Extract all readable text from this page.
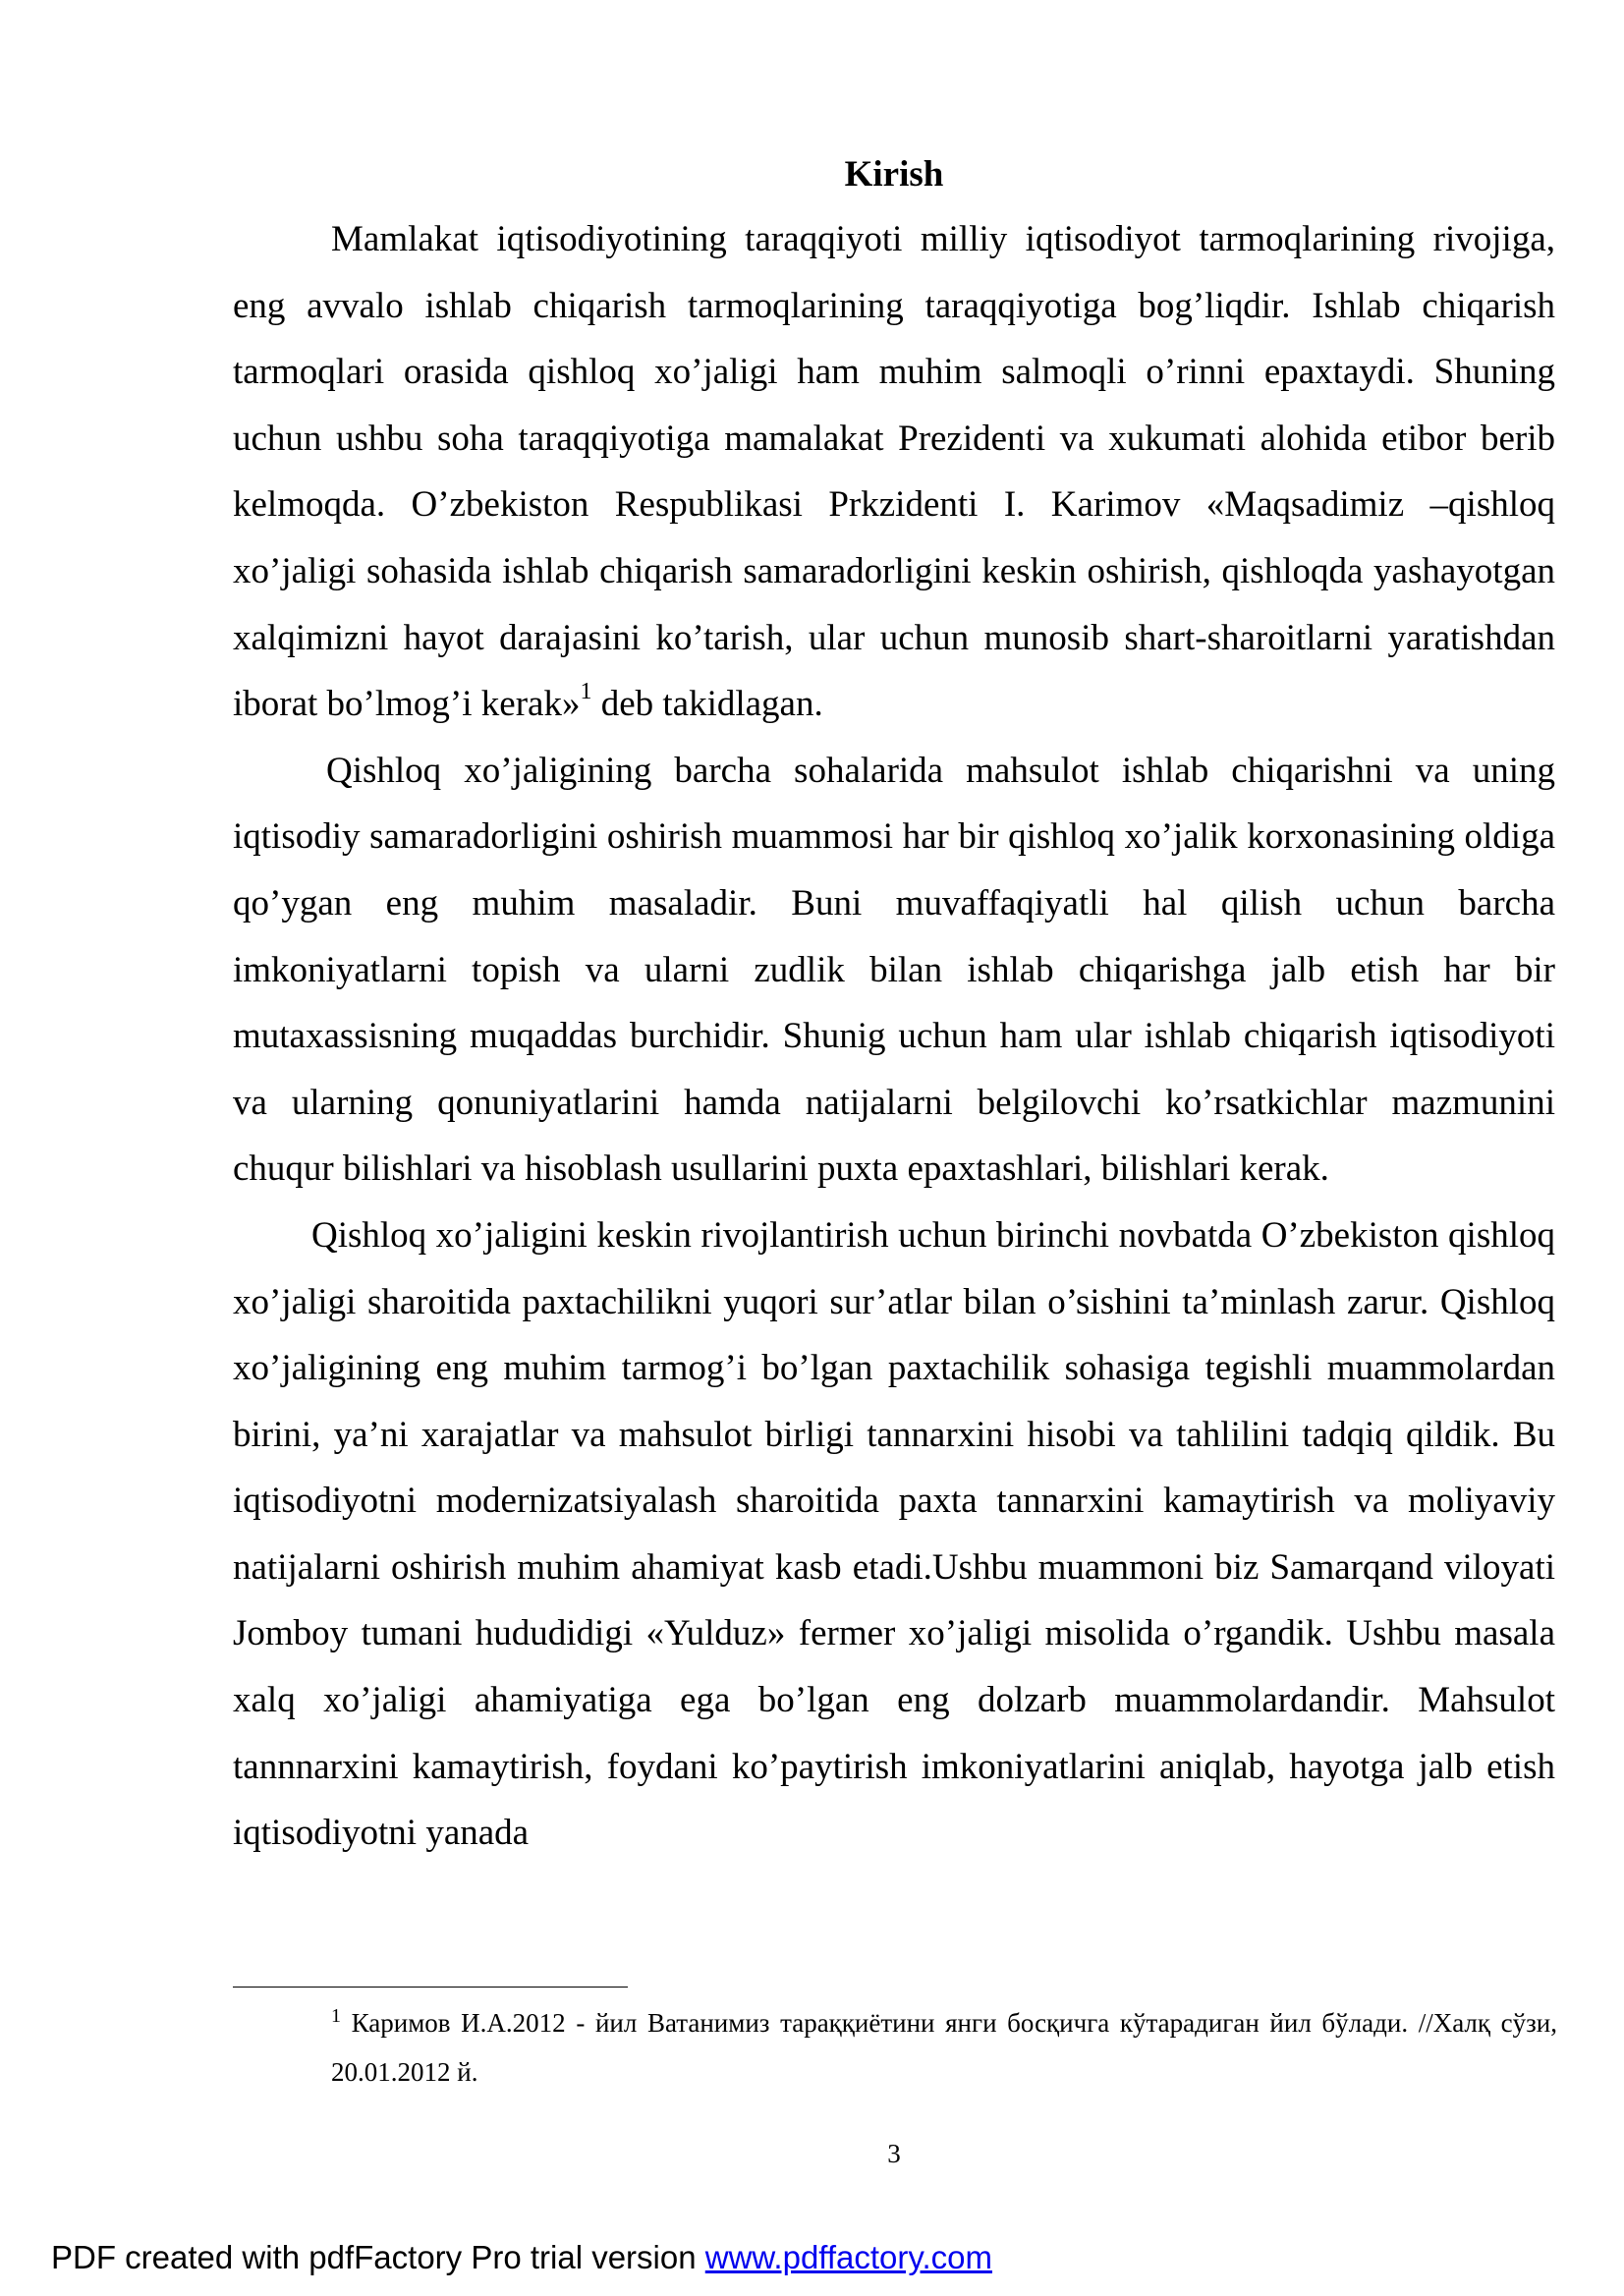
Kirish

Mamlakat iqtisodiyotining taraqqiyoti milliy iqtisodiyot tarmoqlarining rivojiga, eng avvalo ishlab chiqarish tarmoqlarining taraqqiyotiga bog’liqdir. Ishlab chiqarish tarmoqlari orasida qishloq xo’jaligi ham muhim salmoqli o’rinni epaxtaydi. Shuning uchun ushbu soha taraqqiyotiga mamalakat Prezidenti va xukumati alohida etibor berib kelmoqda. O’zbekiston Respublikasi Prkzidenti I. Karimov «Maqsadimiz –qishloq xo’jaligi sohasida ishlab chiqarish samaradorligini keskin oshirish, qishloqda yashayotgan xalqimizni hayot darajasini ko’tarish, ular uchun munosib shart-sharoitlarni yaratishdan iborat bo’lmog’i kerak»$^1$ deb takidlagan.

Qishloq xo’jaligining barcha sohalarida mahsulot ishlab chiqarishni va uning iqtisodiy samaradorligini oshirish muammosi har bir qishloq xo’jalik korxonasining oldiga qo’ygan eng muhim masaladir. Buni muvaffaqiyatli hal qilish uchun barcha imkoniyatlarni topish va ularni zudlik bilan ishlab chiqarishga jalb etish har bir mutaxassisning muqaddas burchidir. Shunig uchun ham ular ishlab chiqarish iqtisodiyoti va ularning qonuniyatlarini hamda natijalarni belgilovchi ko’rsatkichlar mazmunini chuqur bilishlari va hisoblash usullarini puxta epaxtashlari, bilishlari kerak.

Qishloq xo’jaligini keskin rivojlantirish uchun birinchi novbatda O’zbekiston qishloq xo’jaligi sharoitida paxtachilikni yuqori sur’atlar bilan o’sishini ta’minlash zarur. Qishloq xo’jaligining eng muhim tarmog’i bo’lgan paxtachilik sohasiga tegishli muammolardan birini, ya’ni xarajatlar va mahsulot birligi tannarxini hisobi va tahlilini tadqiq qildik. Bu iqtisodiyotni modernizatsiyalash sharoitida paxta tannarxini kamaytirish va moliyaviy natijalarni oshirish muhim ahamiyat kasb etadi.Ushbu muammoni biz Samarqand viloyati Jomboy tumani hududidigi «Yulduz» fermer xo’jaligi misolida o’rgandik. Ushbu masala xalq xo’jaligi ahamiyatiga ega bo’lgan eng dolzarb muammolardandir. Mahsulot tannnarxini kamaytirish, foydani ko’paytirish imkoniyatlarini aniqlab, hayotga jalb etish iqtisodiyotni yanada

$^1$ Каримов И.А.2012 - йил Ватанимиз тараққиётини янги босқичга кўтарадиган йил бўлади. //Халқ сўзи, 20.01.2012 й.

3
PDF created with pdfFactory Pro trial version www.pdffactory.com
